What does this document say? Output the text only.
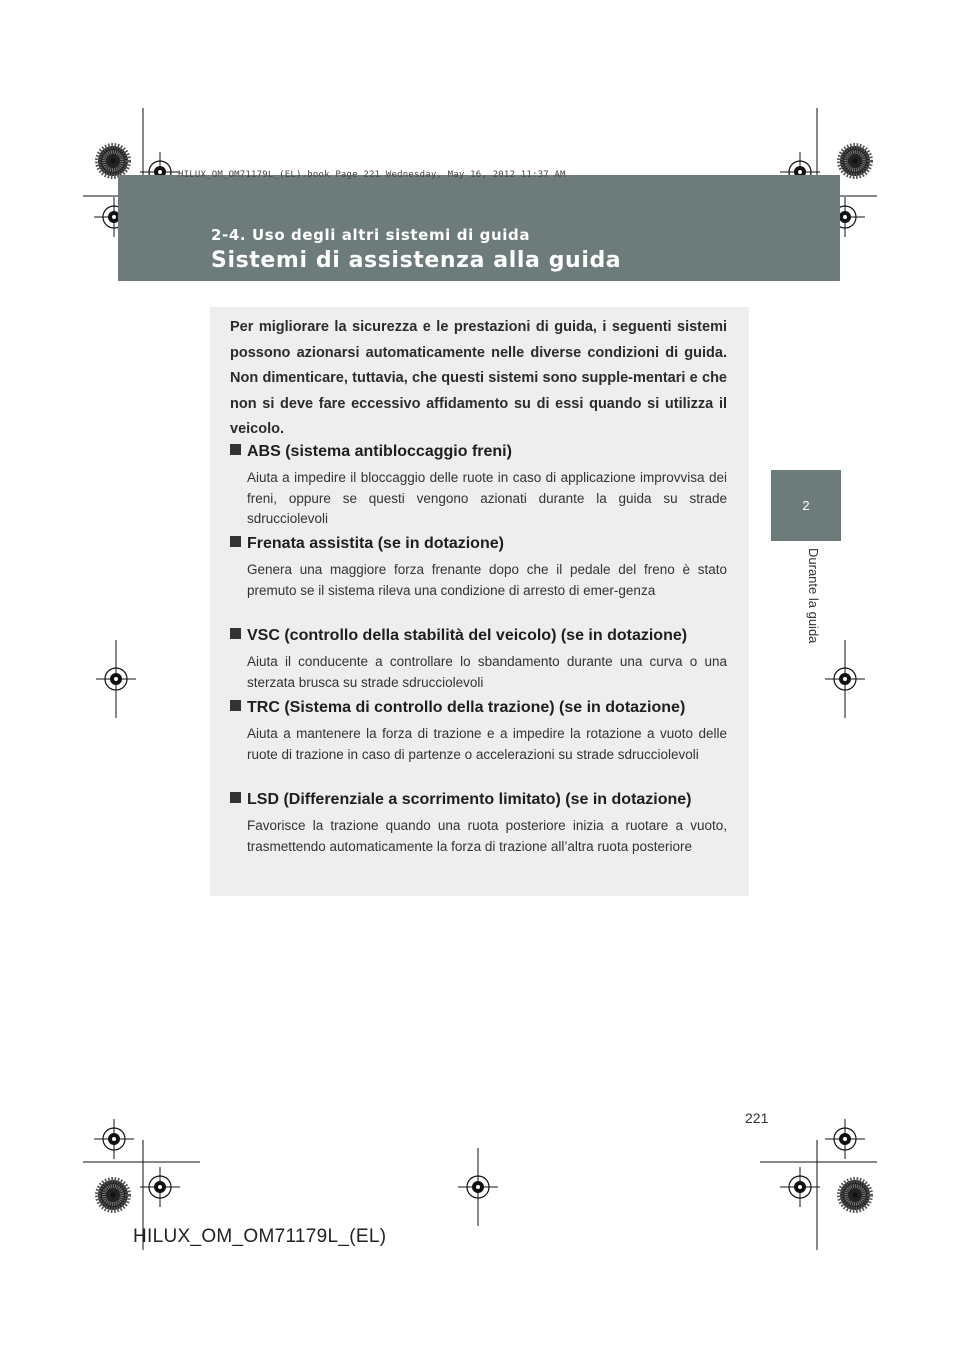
HILUX_OM_OM71179L_(EL).book Page 221 Wednesday, May 16, 2012 11:37 AM
2-4. Uso degli altri sistemi di guida
Sistemi di assistenza alla guida
2
Durante la guida
Per migliorare la sicurezza e le prestazioni di guida, i seguenti sistemi possono azionarsi automaticamente nelle diverse condizioni di guida. Non dimenticare, tuttavia, che questi sistemi sono supple-mentari e che non si deve fare eccessivo affidamento su di essi quando si utilizza il veicolo.
ABS (sistema antibloccaggio freni)
Aiuta a impedire il bloccaggio delle ruote in caso di applicazione improvvisa dei freni, oppure se questi vengono azionati durante la guida su strade sdrucciolevoli
Frenata assistita (se in dotazione)
Genera una maggiore forza frenante dopo che il pedale del freno è stato premuto se il sistema rileva una condizione di arresto di emer-genza
VSC (controllo della stabilità del veicolo) (se in dotazione)
Aiuta il conducente a controllare lo sbandamento durante una curva o una sterzata brusca su strade sdrucciolevoli
TRC (Sistema di controllo della trazione) (se in dotazione)
Aiuta a mantenere la forza di trazione e a impedire la rotazione a vuoto delle ruote di trazione in caso di partenze o accelerazioni su strade sdrucciolevoli
LSD (Differenziale a scorrimento limitato) (se in dotazione)
Favorisce la trazione quando una ruota posteriore inizia a ruotare a vuoto, trasmettendo automaticamente la forza di trazione all’altra ruota posteriore
221
HILUX_OM_OM71179L_(EL)
